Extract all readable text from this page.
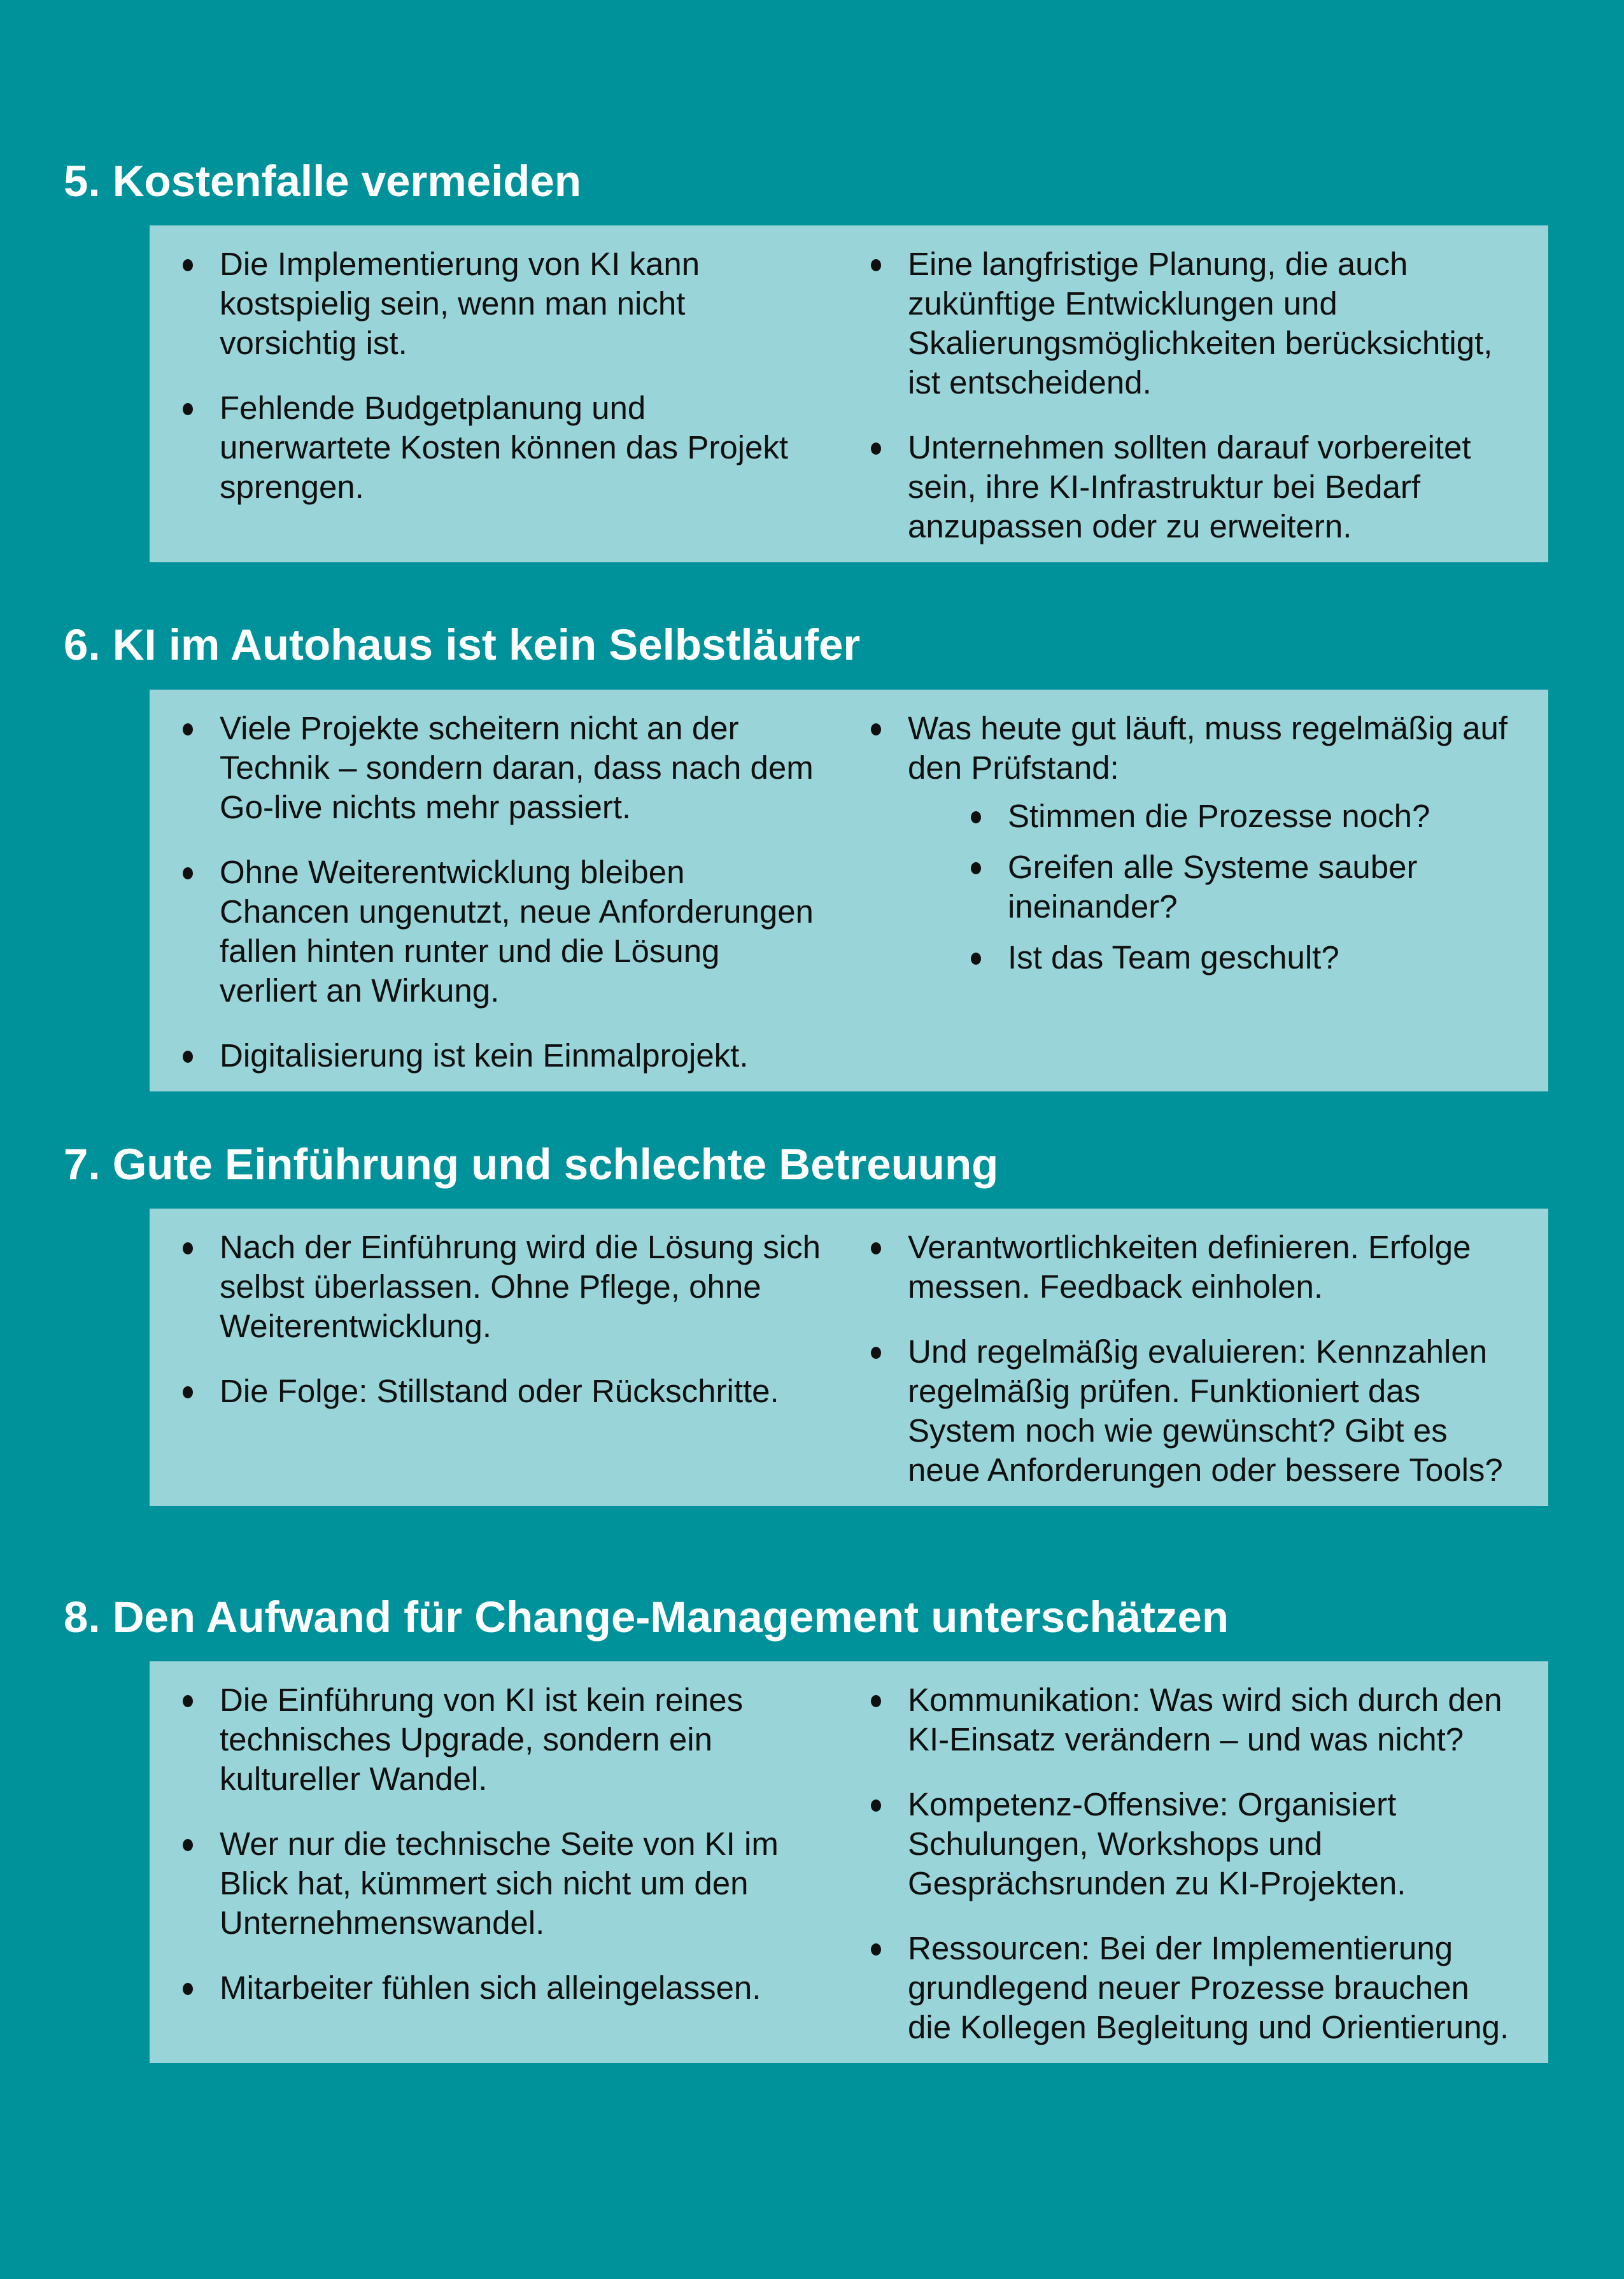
5. Kostenfalle vermeiden
Die Implementierung von KI kann kostspielig sein, wenn man nicht vorsichtig ist.
Fehlende Budgetplanung und unerwartete Kosten können das Projekt sprengen.
Eine langfristige Planung, die auch zukünftige Entwicklungen und Skalierungsmöglichkeiten berücksichtigt, ist entscheidend.
Unternehmen sollten darauf vorbereitet sein, ihre KI-Infrastruktur bei Bedarf anzupassen oder zu erweitern.
6. KI im Autohaus ist kein Selbstläufer
Viele Projekte scheitern nicht an der Technik – sondern daran, dass nach dem Go-live nichts mehr passiert.
Ohne Weiterentwicklung bleiben Chancen ungenutzt, neue Anforderungen fallen hinten runter und die Lösung verliert an Wirkung.
Digitalisierung ist kein Einmalprojekt.
Was heute gut läuft, muss regelmäßig auf den Prüfstand:
Stimmen die Prozesse noch?
Greifen alle Systeme sauber ineinander?
Ist das Team geschult?
7. Gute Einführung und schlechte Betreuung
Nach der Einführung wird die Lösung sich selbst überlassen. Ohne Pflege, ohne Weiterentwicklung.
Die Folge: Stillstand oder Rückschritte.
Verantwortlichkeiten definieren. Erfolge messen. Feedback einholen.
Und regelmäßig evaluieren: Kennzahlen regelmäßig prüfen. Funktioniert das System noch wie gewünscht? Gibt es neue Anforderungen oder bessere Tools?
8. Den Aufwand für Change-Management unterschätzen
Die Einführung von KI ist kein reines technisches Upgrade, sondern ein kultureller Wandel.
Wer nur die technische Seite von KI im Blick hat, kümmert sich nicht um den Unternehmenswandel.
Mitarbeiter fühlen sich alleingelassen.
Kommunikation: Was wird sich durch den KI-Einsatz verändern – und was nicht?
Kompetenz-Offensive: Organisiert Schulungen, Workshops und Gesprächsrunden zu KI-Projekten.
Ressourcen: Bei der Implementierung grundlegend neuer Prozesse brauchen die Kollegen Begleitung und Orientierung.
